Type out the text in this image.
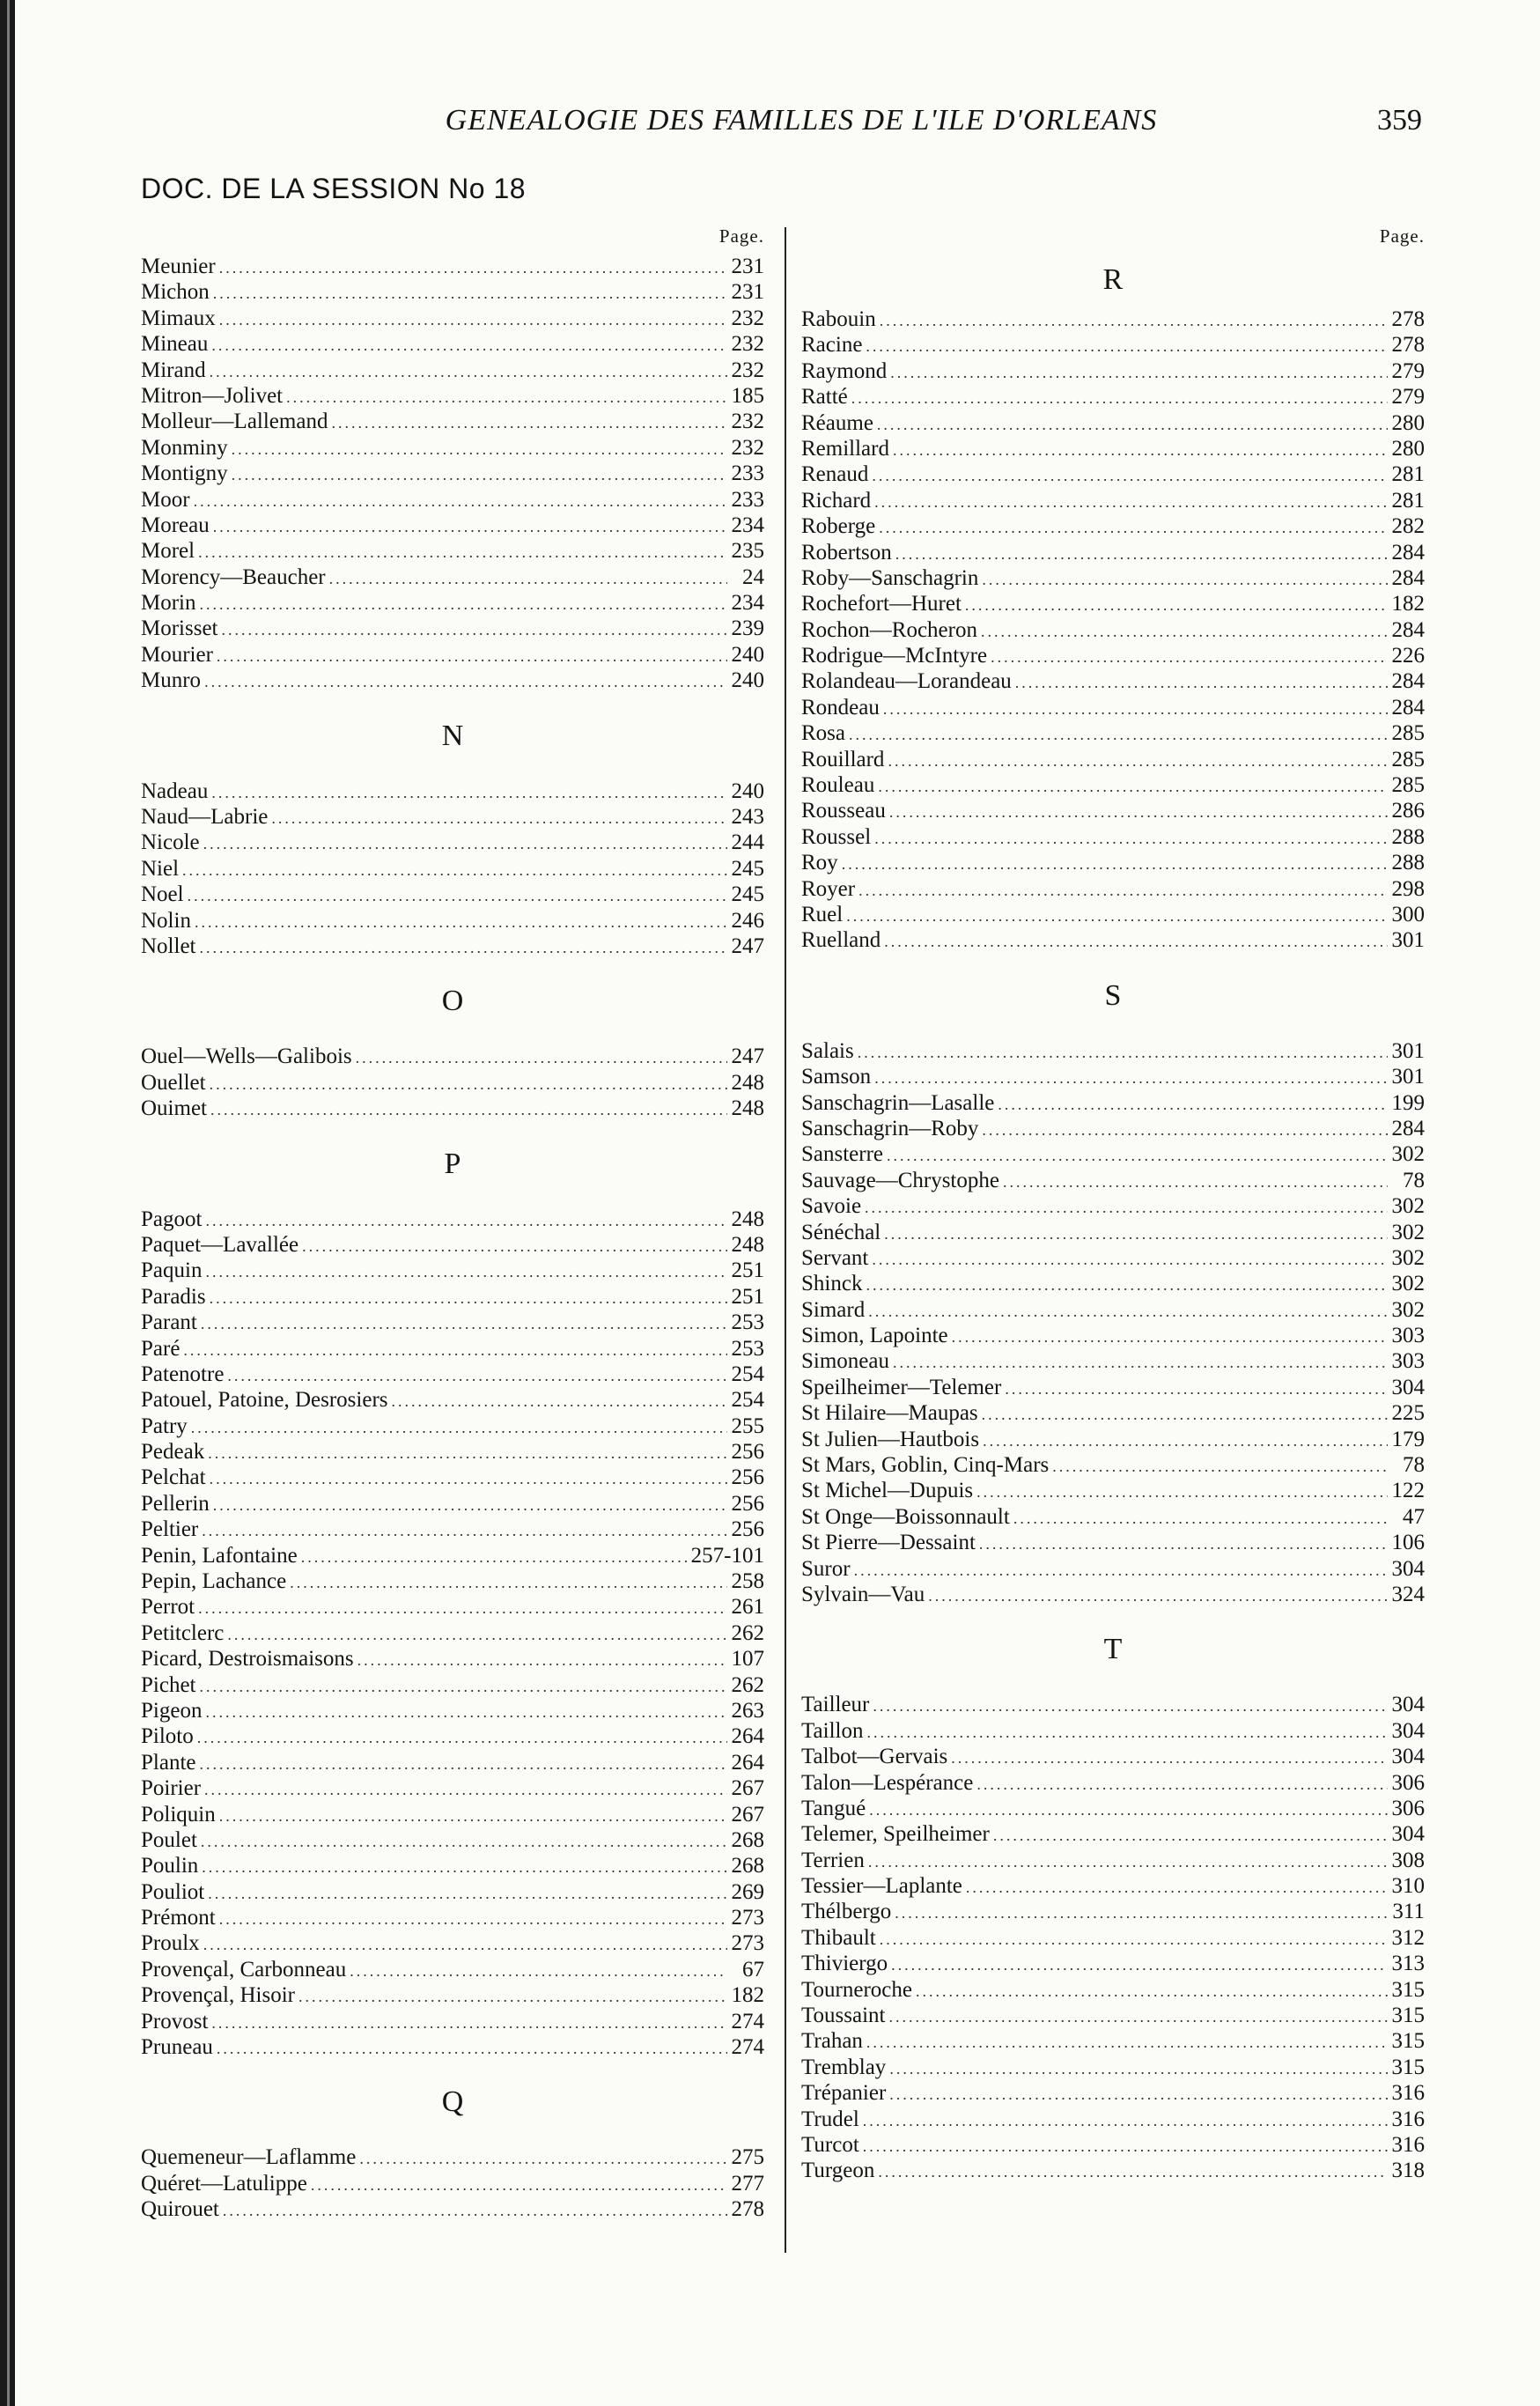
GENEALOGIE DES FAMILLES DE L'ILE D'ORLEANS	359
DOC. DE LA SESSION No 18
Page.
Meunier .....	231
Michon .....	231
Mimaux .....	232
Mineau .....	232
Mirand .....	232
Mitron—Jolivet .....	185
Molleur—Lallemand .....	232
Monminy .....	232
Montigny .....	233
Moor .....	233
Moreau .....	234
Morel .....	235
Morency—Beaucher .....	24
Morin .....	234
Morisset .....	239
Mourier .....	240
Munro .....	240
N
Nadeau .....	240
Naud—Labrie .....	243
Nicole .....	244
Niel .....	245
Noel .....	245
Nolin .....	246
Nollet .....	247
O
Ouel—Wells—Galibois .....	247
Ouellet .....	248
Ouimet .....	248
P
Pagoot .....	248
Paquet—Lavallée .....	248
Paquin .....	251
Paradis .....	251
Parant .....	253
Paré .....	253
Patenotre .....	254
Patouel, Patoine, Desrosiers .....	254
Patry .....	255
Pedeak .....	256
Pelchat .....	256
Pellerin .....	256
Peltier .....	256
Penin, Lafontaine .....	257-101
Pepin, Lachance .....	258
Perrot .....	261
Petitclerc .....	262
Picard, Destroismaisons .....	107
Pichet .....	262
Pigeon .....	263
Piloto .....	264
Plante .....	264
Poirier .....	267
Poliquin .....	267
Poulet .....	268
Poulin .....	268
Pouliot .....	269
Prémont .....	273
Proulx .....	273
Provençal, Carbonneau .....	67
Provençal, Hisoir .....	182
Provost .....	274
Pruneau .....	274
Q
Quemeneur—Laflamme .....	275
Quéret—Latulippe .....	277
Quirouet .....	278
Page.
R
Rabouin .....	278
Racine .....	278
Raymond .....	279
Ratté .....	279
Réaume .....	280
Remillard .....	280
Renaud .....	281
Richard .....	281
Roberge .....	282
Robertson .....	284
Roby—Sanschagrin .....	284
Rochefort—Huret .....	182
Rochon—Rocheron .....	284
Rodrigue—McIntyre .....	226
Rolandeau—Lorandeau .....	284
Rondeau .....	284
Rosa .....	285
Rouillard .....	285
Rouleau .....	285
Rousseau .....	286
Roussel .....	288
Roy .....	288
Royer .....	298
Ruel .....	300
Ruelland .....	301
S
Salais .....	301
Samson .....	301
Sanschagrin—Lasalle .....	199
Sanschagrin—Roby .....	284
Sansterre .....	302
Sauvage—Chrystophe .....	78
Savoie .....	302
Sénéchal .....	302
Servant .....	302
Shinck .....	302
Simard .....	302
Simon, Lapointe .....	303
Simoneau .....	303
Speilheimer—Telemer .....	304
St Hilaire—Maupas .....	225
St Julien—Hautbois .....	179
St Mars, Goblin, Cinq-Mars .....	78
St Michel—Dupuis .....	122
St Onge—Boissonnault .....	47
St Pierre—Dessaint .....	106
Suror .....	304
Sylvain—Vau .....	324
T
Tailleur .....	304
Taillon .....	304
Talbot—Gervais .....	304
Talon—Lespérance .....	306
Tangué .....	306
Telemer, Speilheimer .....	304
Terrien .....	308
Tessier—Laplante .....	310
Thélbergo .....	311
Thibault .....	312
Thiviergo .....	313
Tourneroche .....	315
Toussaint .....	315
Trahan .....	315
Tremblay .....	315
Trépanier .....	316
Trudel .....	316
Turcot .....	316
Turgeon .....	318
